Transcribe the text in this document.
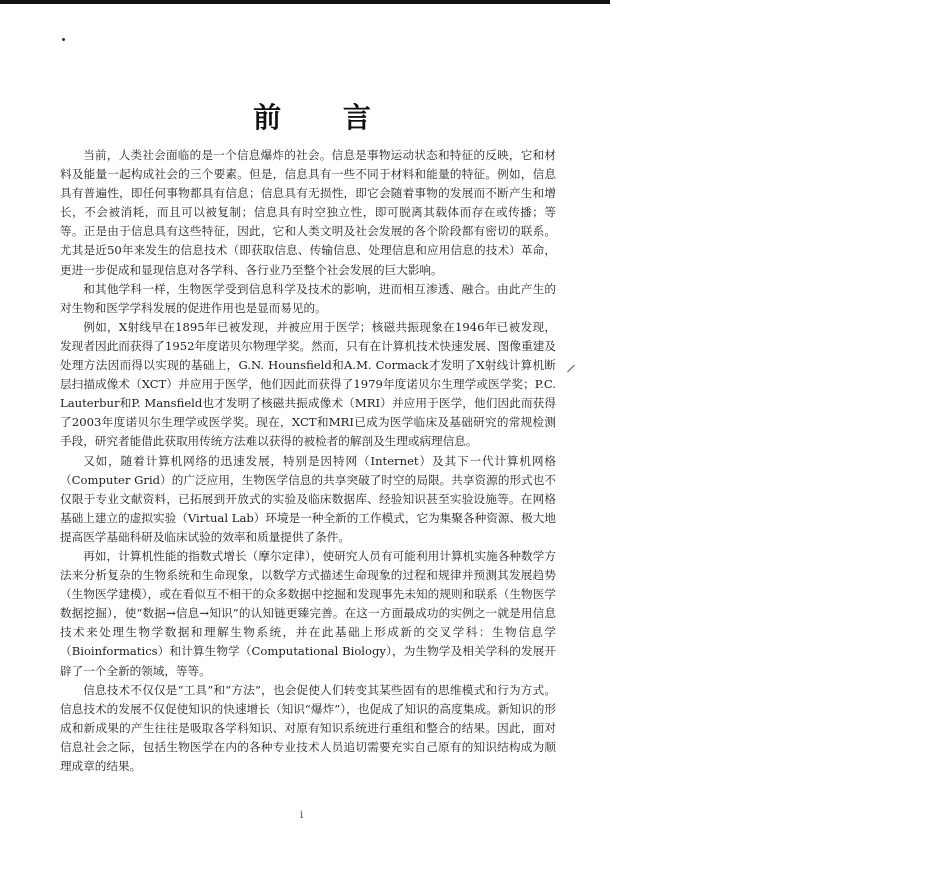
前 言

当前，人类社会面临的是一个信息爆炸的社会。信息是事物运动状态和特征的反映，它和材料及能量一起构成社会的三个要素。但是，信息具有一些不同于材料和能量的特征。例如，信息具有普遍性，即任何事物都具有信息；信息具有无损性，即它会随着事物的发展而不断产生和增长，不会被消耗，而且可以被复制；信息具有时空独立性，即可脱离其载体而存在或传播；等等。正是由于信息具有这些特征，因此，它和人类文明及社会发展的各个阶段都有密切的联系。尤其是近50年来发生的信息技术（即获取信息、传输信息、处理信息和应用信息的技术）革命，更进一步促成和显现信息对各学科、各行业乃至整个社会发展的巨大影响。

和其他学科一样，生物医学受到信息科学及技术的影响，进而相互渗透、融合。由此产生的对生物和医学学科发展的促进作用也是显而易见的。

例如，X射线早在1895年已被发现，并被应用于医学；核磁共振现象在1946年已被发现，发现者因此而获得了1952年度诺贝尔物理学奖。然而，只有在计算机技术快速发展、图像重建及处理方法因而得以实现的基础上，G.N. Hounsfield和A.M. Cormack才发明了X射线计算机断层扫描成像术（XCT）并应用于医学，他们因此而获得了1979年度诺贝尔生理学或医学奖；P.C. Lauterbur和P. Mansfield也才发明了核磁共振成像术（MRI）并应用于医学，他们因此而获得了2003年度诺贝尔生理学或医学奖。现在，XCT和MRI已成为医学临床及基础研究的常规检测手段，研究者能借此获取用传统方法难以获得的被检者的解剖及生理或病理信息。

又如，随着计算机网络的迅速发展，特别是因特网（Internet）及其下一代计算机网格（Computer Grid）的广泛应用，生物医学信息的共享突破了时空的局限。共享资源的形式也不仅限于专业文献资料，已拓展到开放式的实验及临床数据库、经验知识甚至实验设施等。在网格基础上建立的虚拟实验（Virtual Lab）环境是一种全新的工作模式，它为集聚各种资源、极大地提高医学基础科研及临床试验的效率和质量提供了条件。

再如，计算机性能的指数式增长（摩尔定律），使研究人员有可能利用计算机实施各种数学方法来分析复杂的生物系统和生命现象，以数学方式描述生命现象的过程和规律并预测其发展趋势（生物医学建模），或在看似互不相干的众多数据中挖掘和发现事先未知的规则和联系（生物医学数据挖掘），使“数据→信息→知识”的认知链更臻完善。在这一方面最成功的实例之一就是用信息技术来处理生物学数据和理解生物系统，并在此基础上形成新的交叉学科：生物信息学（Bioinformatics）和计算生物学（Computational Biology），为生物学及相关学科的发展开辟了一个全新的领域，等等。

信息技术不仅仅是“工具”和“方法”，也会促使人们转变其某些固有的思维模式和行为方式。信息技术的发展不仅促使知识的快速增长（知识“爆炸”），也促成了知识的高度集成。新知识的形成和新成果的产生往往是吸取各学科知识、对原有知识系统进行重组和整合的结果。因此，面对信息社会之际，包括生物医学在内的各种专业技术人员追切需要充实自己原有的知识结构成为顺理成章的结果。

i
